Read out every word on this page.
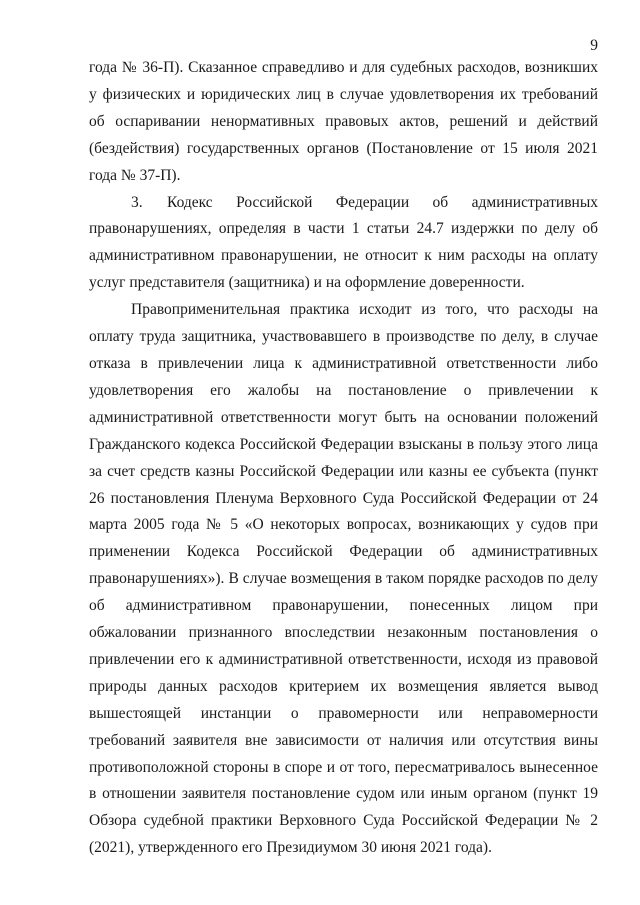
9

года № 36-П). Сказанное справедливо и для судебных расходов, возникших у физических и юридических лиц в случае удовлетворения их требований об оспаривании ненормативных правовых актов, решений и действий (бездействия) государственных органов (Постановление от 15 июля 2021 года № 37-П).

3. Кодекс Российской Федерации об административных правонарушениях, определяя в части 1 статьи 24.7 издержки по делу об административном правонарушении, не относит к ним расходы на оплату услуг представителя (защитника) и на оформление доверенности.

Правоприменительная практика исходит из того, что расходы на оплату труда защитника, участвовавшего в производстве по делу, в случае отказа в привлечении лица к административной ответственности либо удовлетворения его жалобы на постановление о привлечении к административной ответственности могут быть на основании положений Гражданского кодекса Российской Федерации взысканы в пользу этого лица за счет средств казны Российской Федерации или казны ее субъекта (пункт 26 постановления Пленума Верховного Суда Российской Федерации от 24 марта 2005 года № 5 «О некоторых вопросах, возникающих у судов при применении Кодекса Российской Федерации об административных правонарушениях»). В случае возмещения в таком порядке расходов по делу об административном правонарушении, понесенных лицом при обжаловании признанного впоследствии незаконным постановления о привлечении его к административной ответственности, исходя из правовой природы данных расходов критерием их возмещения является вывод вышестоящей инстанции о правомерности или неправомерности требований заявителя вне зависимости от наличия или отсутствия вины противоположной стороны в споре и от того, пересматривалось вынесенное в отношении заявителя постановление судом или иным органом (пункт 19 Обзора судебной практики Верховного Суда Российской Федерации № 2 (2021), утвержденного его Президиумом 30 июня 2021 года).
